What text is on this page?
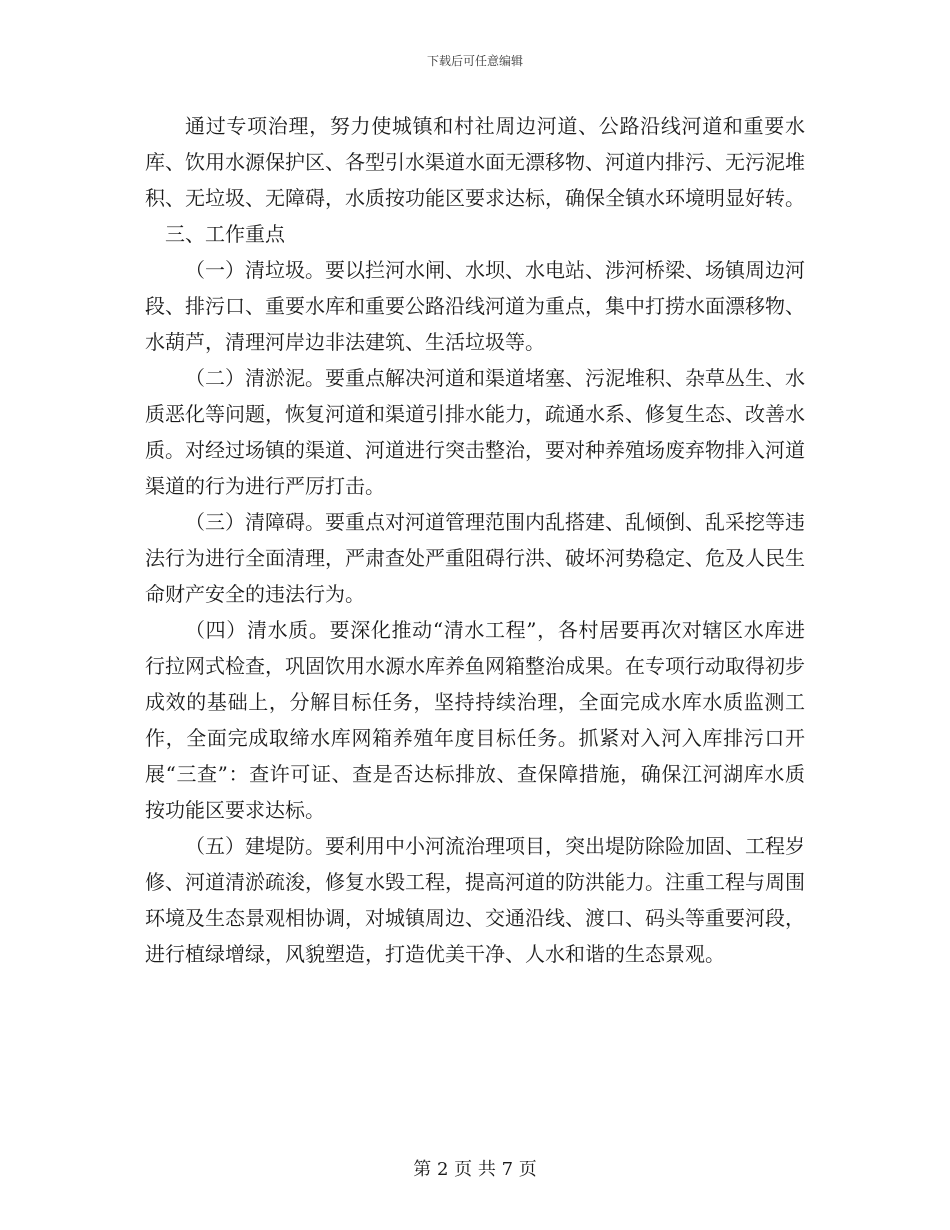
下载后可任意编辑

通过专项治理，努力使城镇和村社周边河道、公路沿线河道和重要水库、饮用水源保护区、各型引水渠道水面无漂移物、河道内排污、无污泥堆积、无垃圾、无障碍，水质按功能区要求达标，确保全镇水环境明显好转。

三、工作重点

（一）清垃圾。要以拦河水闸、水坝、水电站、涉河桥梁、场镇周边河段、排污口、重要水库和重要公路沿线河道为重点，集中打捞水面漂移物、水葫芦，清理河岸边非法建筑、生活垃圾等。

（二）清淤泥。要重点解决河道和渠道堵塞、污泥堆积、杂草丛生、水质恶化等问题，恢复河道和渠道引排水能力，疏通水系、修复生态、改善水质。对经过场镇的渠道、河道进行突击整治，要对种养殖场废弃物排入河道渠道的行为进行严厉打击。

（三）清障碍。要重点对河道管理范围内乱搭建、乱倾倒、乱采挖等违法行为进行全面清理，严肃查处严重阻碍行洪、破坏河势稳定、危及人民生命财产安全的违法行为。

（四）清水质。要深化推动“清水工程”，各村居要再次对辖区水库进行拉网式检查，巩固饮用水源水库养鱼网箱整治成果。在专项行动取得初步成效的基础上，分解目标任务，坚持持续治理，全面完成水库水质监测工作，全面完成取缔水库网箱养殖年度目标任务。抓紧对入河入库排污口开展“三查”：查许可证、查是否达标排放、查保障措施，确保江河湖库水质按功能区要求达标。

（五）建堤防。要利用中小河流治理项目，突出堤防除险加固、工程岁修、河道清淤疏浚，修复水毁工程，提高河道的防洪能力。注重工程与周围环境及生态景观相协调，对城镇周边、交通沿线、渡口、码头等重要河段，进行植绿增绿，风貌塑造，打造优美干净、人水和谐的生态景观。

第 2 页 共 7 页
